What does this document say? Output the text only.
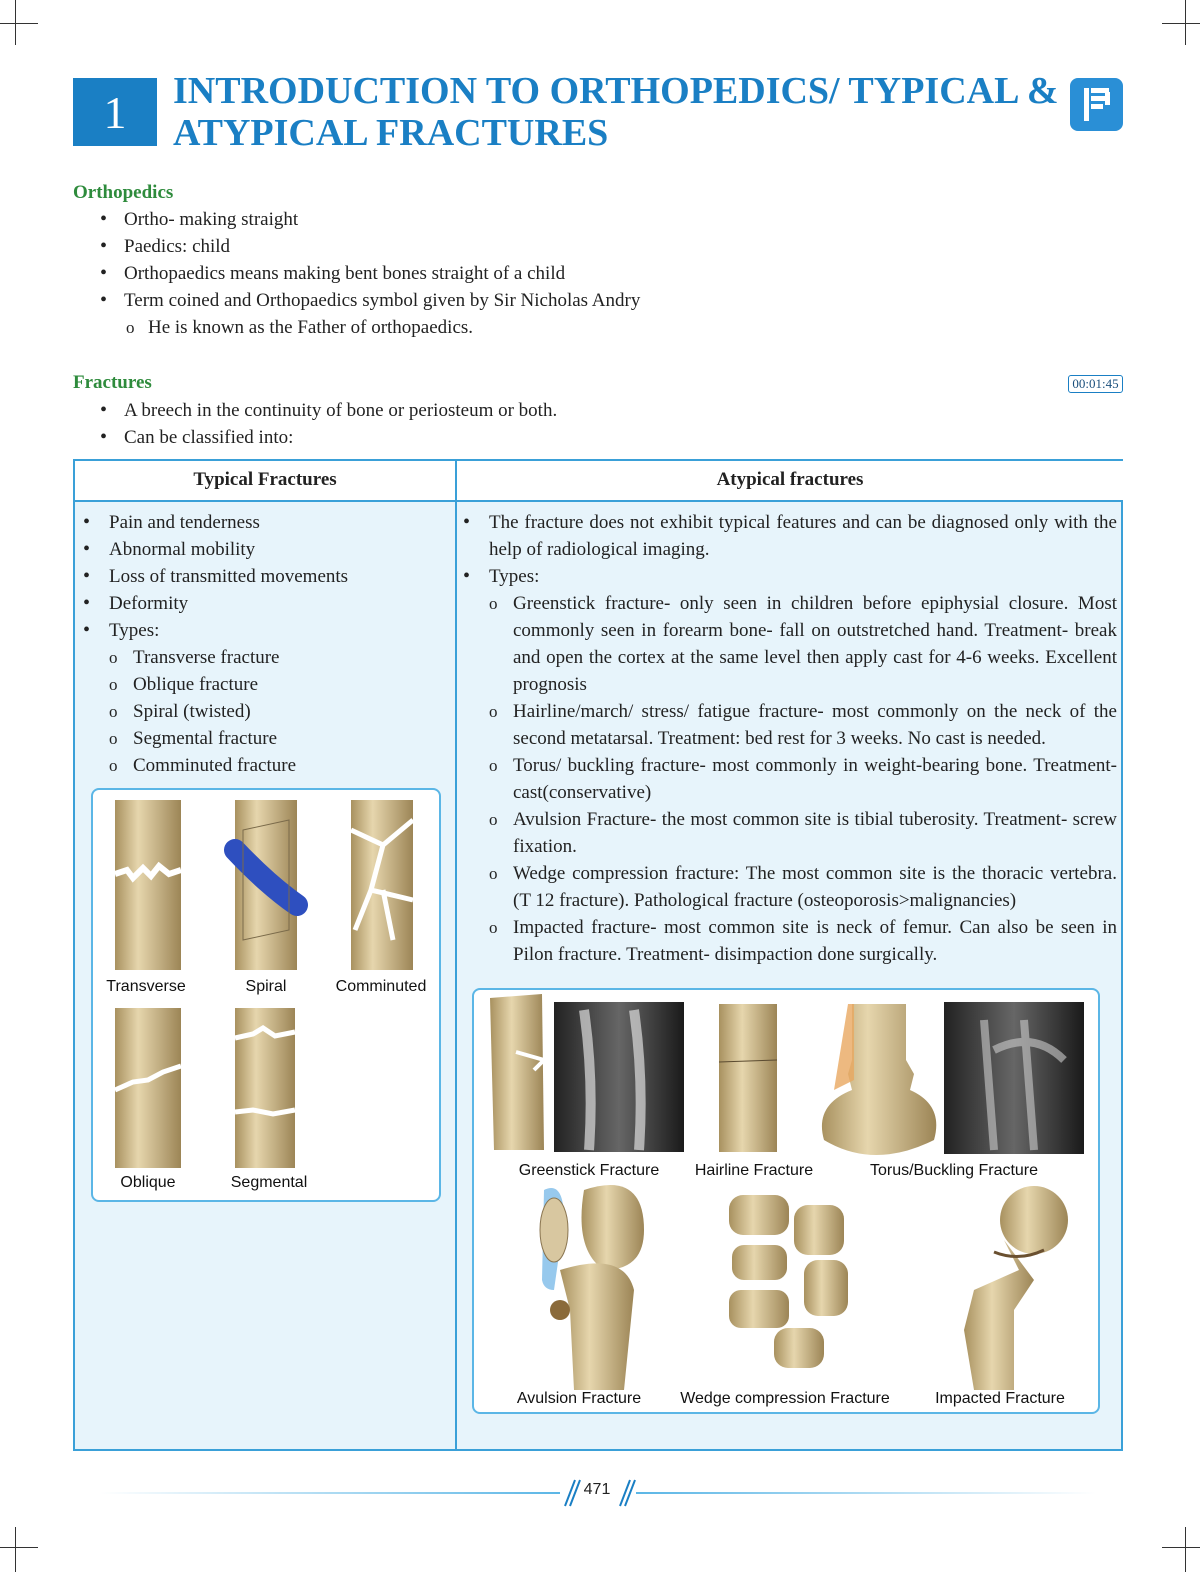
1	INTRODUCTION TO ORTHOPEDICS/ TYPICAL &
ATYPICAL FRACTURES
Orthopedics
• Ortho- making straight
• Paedics: child
• Orthopaedics means making bent bones straight of a child
• Term coined and Orthopaedics symbol given by Sir Nicholas Andry
o He is known as the Father of orthopaedics.
Fractures	00:01:45
• A breech in the continuity of bone or periosteum or both.
• Can be classified into:
Typical Fractures	Atypical fractures
• Pain and tenderness
• Abnormal mobility
• Loss of transmitted movements
• Deformity
• Types:
o Transverse fracture
o Oblique fracture
o Spiral (twisted)
o Segmental fracture
o Comminuted fracture
Transverse	Spiral	Comminuted
Oblique	Segmental
• The fracture does not exhibit typical features and can be diagnosed only with the help of radiological imaging.
• Types:
o Greenstick fracture- only seen in children before epiphysial closure. Most commonly seen in forearm bone- fall on outstretched hand. Treatment- break and open the cortex at the same level then apply cast for 4-6 weeks. Excellent prognosis
o Hairline/march/ stress/ fatigue fracture- most commonly on the neck of the second metatarsal. Treatment: bed rest for 3 weeks. No cast is needed.
o Torus/ buckling fracture- most commonly in weight-bearing bone. Treatment- cast(conservative)
o Avulsion Fracture- the most common site is tibial tuberosity. Treatment- screw fixation.
o Wedge compression fracture: The most common site is the thoracic vertebra. (T 12 fracture). Pathological fracture (osteoporosis>malignancies)
o Impacted fracture- most common site is neck of femur. Can also be seen in Pilon fracture. Treatment- disimpaction done surgically.
Greenstick Fracture	Hairline Fracture	Torus/Buckling Fracture
Avulsion Fracture	Wedge compression Fracture	Impacted Fracture
471
